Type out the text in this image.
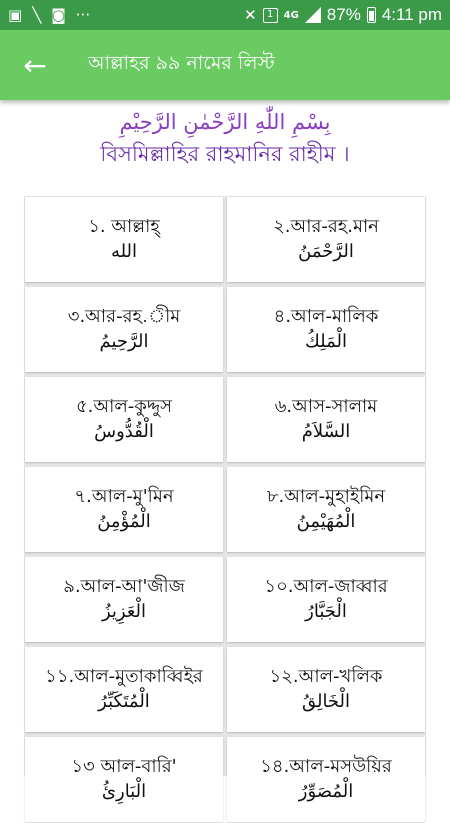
▣ ╲ ◙ ···	✕	1	4G 87% 4:11 pm
← আল্লাহর ৯৯ নামের লিস্ট
بِسْمِ اللّٰهِ الرَّحْمٰنِ الرَّحِيْمِ
বিসমিল্লাহির রাহমানির রাহীম ।
১. আল্লাহ্
الله
২.আর-রহ.মান
الرَّحْمَنُ
৩.আর-রহ.ীম
الرَّحِيمُ
৪.আল-মালিক
الْمَلِكُ
৫.আল-কুদ্দুস
الْقُدُّوسُ
৬.আস-সালাম
السَّلاَمُ
৭.আল-মু'মিন
الْمُؤْمِنُ
৮.আল-মুহাইমিন
الْمُهَيْمِنُ
৯.আল-আ'জীজ
الْعَزِيزُ
১০.আল-জাব্বার
الْجَبَّارُ
১১.আল-মুতাকাব্বিইর
الْمُتَكَبِّرُ
১২.আল-খলিক
الْخَالِقُ
১৩ আল-বারি'
الْبَارِئُ
১৪.আল-মসউয়ির
الْمُصَوِّرُ
